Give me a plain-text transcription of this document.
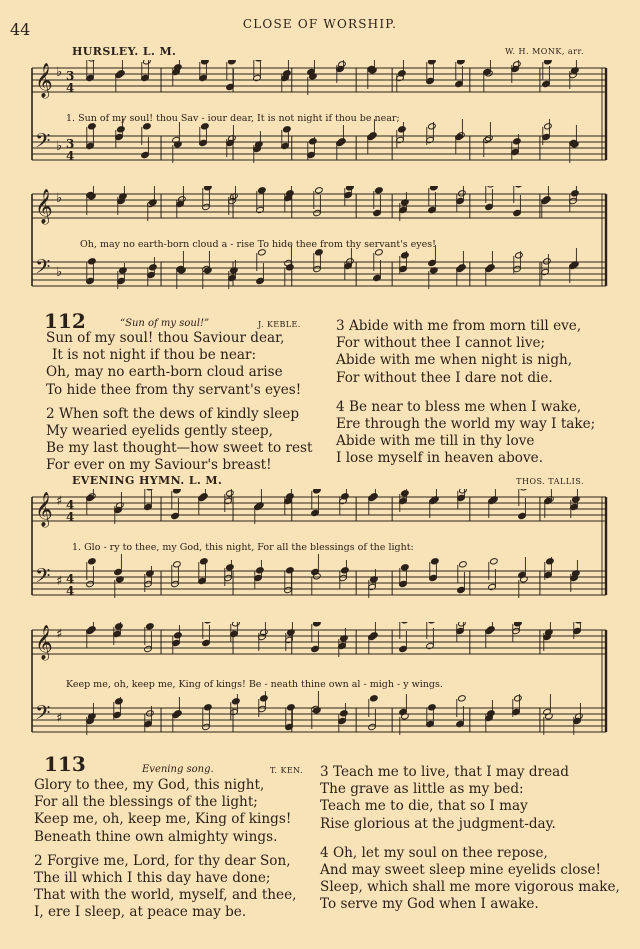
44	CLOSE OF WORSHIP.
HURSLEY. L. M.	W. H. MONK, arr.
𝄞 ♭ 3
4
𝄢 ♭ 3
4
1. Sun of my soul! thou Sav - iour dear, It is not night if thou be near;
𝄞 ♭
𝄢 ♭
Oh, may no earth-born cloud a - rise To hide thee from thy servant's eyes!
112	“Sun of my soul!”	J. KEBLE.
Sun of my soul! thou Saviour dear,
It is not night if thou be near:
Oh, may no earth-born cloud arise
To hide thee from thy servant's eyes!
2 When soft the dews of kindly sleep
My wearied eyelids gently steep,
Be my last thought—how sweet to rest
For ever on my Saviour's breast!
3 Abide with me from morn till eve,
For without thee I cannot live;
Abide with me when night is nigh,
For without thee I dare not die.
4 Be near to bless me when I wake,
Ere through the world my way I take;
Abide with me till in thy love
I lose myself in heaven above.
EVENING HYMN. L. M.	THOS. TALLIS.
𝄞 ♯ 4
4
𝄢 ♯ 4
4
1. Glo - ry to thee, my God, this night, For all the blessings of the light:
𝄞 ♯
𝄢 ♯
Keep me, oh, keep me, King of kings! Be - neath thine own al - migh - y wings.
113	Evening song.	T. KEN.
Glory to thee, my God, this night,
For all the blessings of the light;
Keep me, oh, keep me, King of kings!
Beneath thine own almighty wings.
2 Forgive me, Lord, for thy dear Son,
The ill which I this day have done;
That with the world, myself, and thee,
I, ere I sleep, at peace may be.
3 Teach me to live, that I may dread
The grave as little as my bed:
Teach me to die, that so I may
Rise glorious at the judgment-day.
4 Oh, let my soul on thee repose,
And may sweet sleep mine eyelids close!
Sleep, which shall me more vigorous make,
To serve my God when I awake.
